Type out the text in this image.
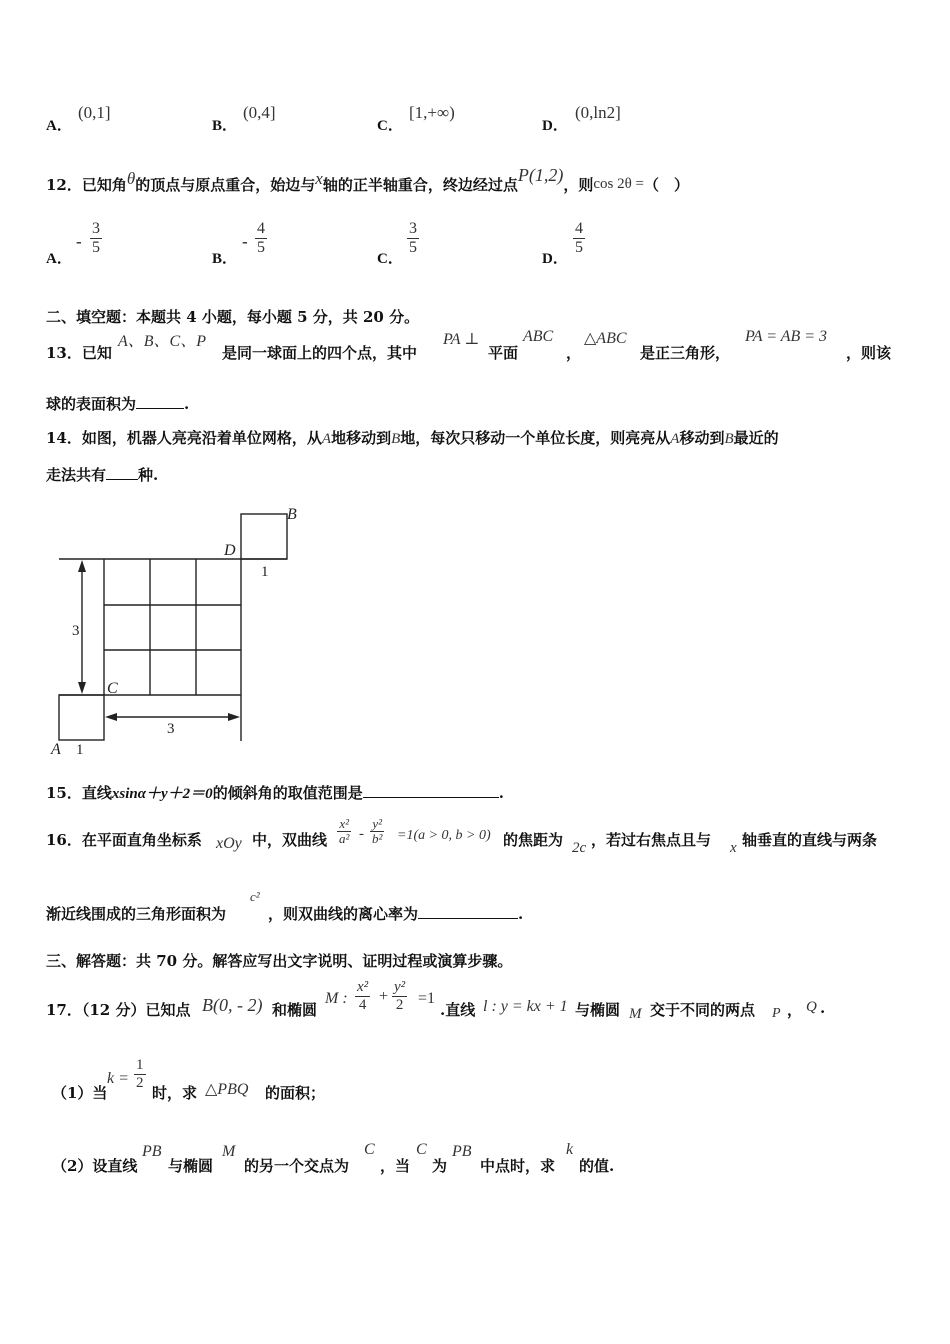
A．
(0,1]
B．
(0,4]
C．
[1,+∞)
D．
(0,ln2]
12．已知角θ的顶点与原点重合，始边与x轴的正半轴重合，终边经过点P(1,2)，则cos 2θ =（　）
A．
- $\frac{3}{5}$
B．
- $\frac{4}{5}$
C．
$\frac{3}{5}$
D．
$\frac{4}{5}$
二、填空题：本题共 4 小题，每小题 5 分，共 20 分。
13．已知
A、B、C、P
是同一球面上的四个点，其中
PA ⊥
平面
ABC
，
△ABC
是正三角形，
PA = AB = 3
，则该
球的表面积为	.
14．如图，机器人亮亮沿着单位网格，从A地移动到B地，每次只移动一个单位长度，则亮亮从A移动到B最近的
走法共有 种.
B
D
C
A
1
1
3
3
15．直线xsinα＋y＋2＝0的倾斜角的取值范围是	.
16．在平面直角坐标系 xOy 中，双曲线 $\frac{\text{x²}}{\text{a²}} - \frac{\text{y²}}{\text{b²}} =1(a > 0$, b > 0) 的焦距为 2c ，若过右焦点且与 x 轴垂直的直线与两条
渐近线围成的三角形面积为
c²
，则双曲线的离心率为	.
三、解答题：共 70 分。解答应写出文字说明、证明过程或演算步骤。
17．（12 分）已知点 B(0, - 2) 和椭圆
M : $\frac{\text{x²}}{4} + \frac{\text{y²}}{2} =1$
.直线 l : y = kx + 1 与椭圆 M 交于不同的两点 P ， Q .
（1）当
$k = \frac{1}{2}$
时，求 △PBQ 的面积；
（2）设直线
PB
与椭圆
M
的另一个交点为
C
，当
C
为
PB
中点时，求
k
的值.
